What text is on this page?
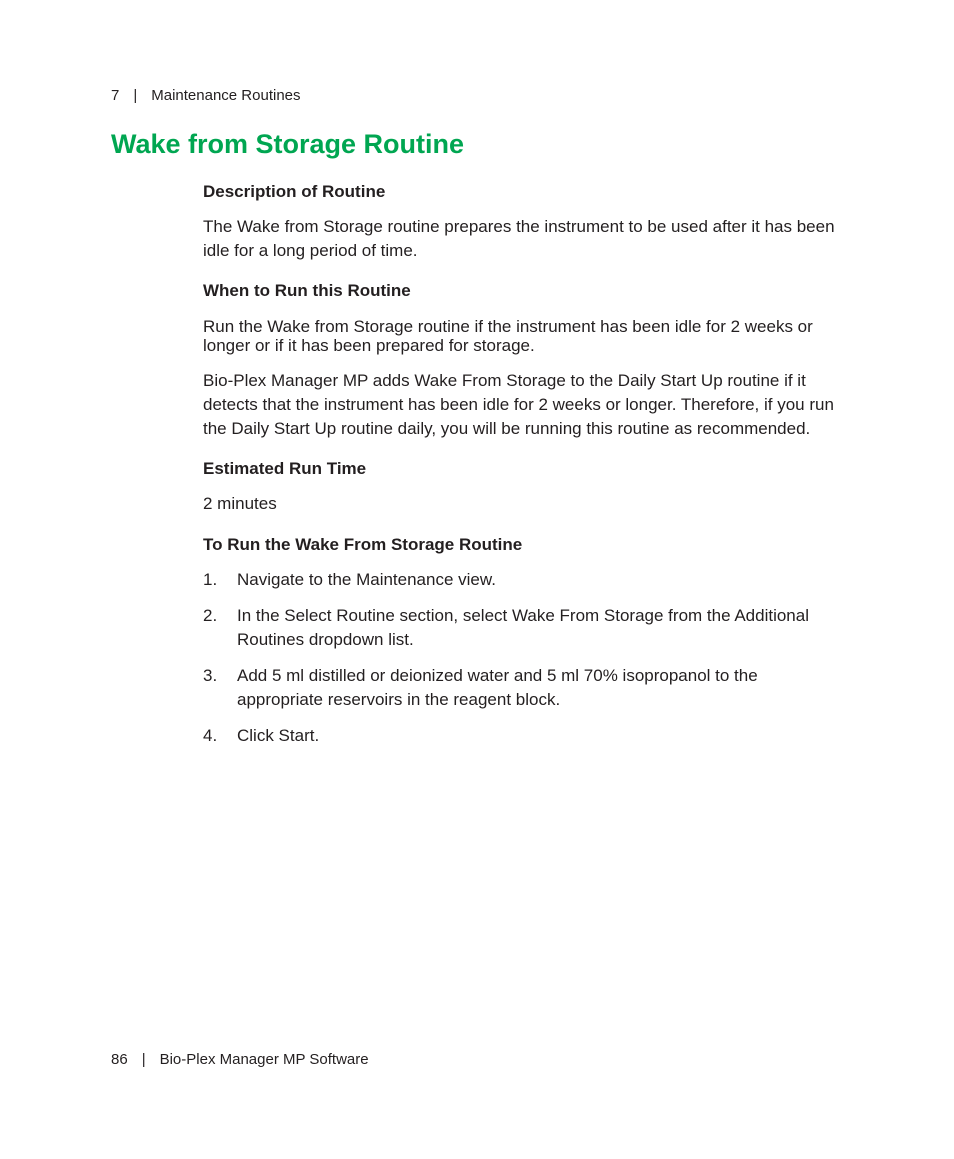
7 | Maintenance Routines
Wake from Storage Routine
Description of Routine

The Wake from Storage routine prepares the instrument to be used after it has been idle for a long period of time.

When to Run this Routine

Run the Wake from Storage routine if the instrument has been idle for 2 weeks or longer or if it has been prepared for storage.

Bio-Plex Manager MP adds Wake From Storage to the Daily Start Up routine if it detects that the instrument has been idle for 2 weeks or longer. Therefore, if you run the Daily Start Up routine daily, you will be running this routine as recommended.

Estimated Run Time

2 minutes

To Run the Wake From Storage Routine
1.	Navigate to the Maintenance view.
2.	In the Select Routine section, select Wake From Storage from the Additional Routines dropdown list.
3.	Add 5 ml distilled or deionized water and 5 ml 70% isopropanol to the appropriate reservoirs in the reagent block.
4.	Click Start.
86 | Bio-Plex Manager MP Software
